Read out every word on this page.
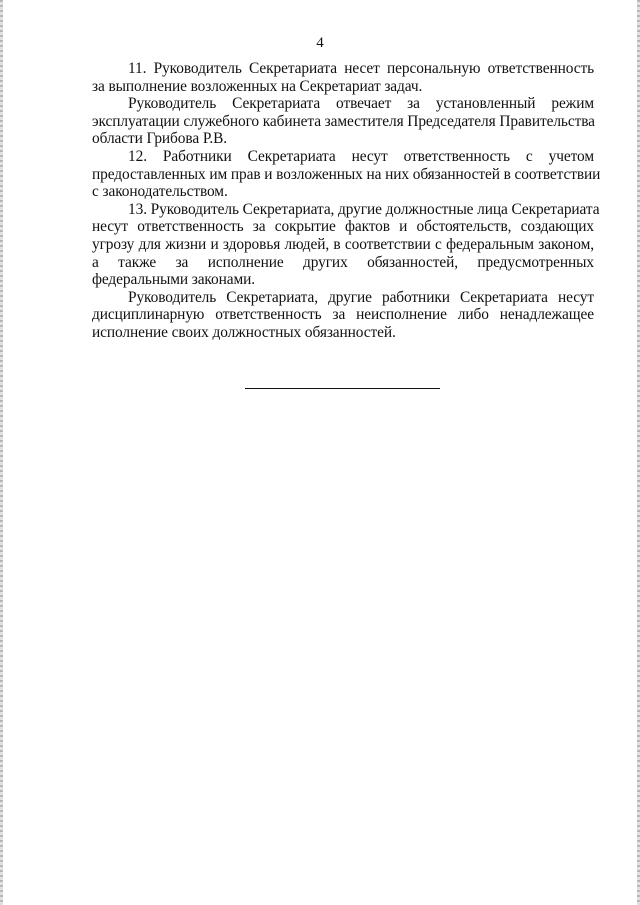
4

11. Руководитель Секретариата несет персональную ответственность
за выполнение возложенных на Секретариат задач.

Руководитель Секретариата отвечает за установленный режим
эксплуатации служебного кабинета заместителя Председателя Правительства
области Грибова Р.В.

12. Работники Секретариата несут ответственность с учетом
предоставленных им прав и возложенных на них обязанностей в соответствии
с законодательством.

13. Руководитель Секретариата, другие должностные лица Секретариата
несут ответственность за сокрытие фактов и обстоятельств, создающих
угрозу для жизни и здоровья людей, в соответствии с федеральным законом,
а также за исполнение других обязанностей, предусмотренных
федеральными законами.

Руководитель Секретариата, другие работники Секретариата несут
дисциплинарную ответственность за неисполнение либо ненадлежащее
исполнение своих должностных обязанностей.
